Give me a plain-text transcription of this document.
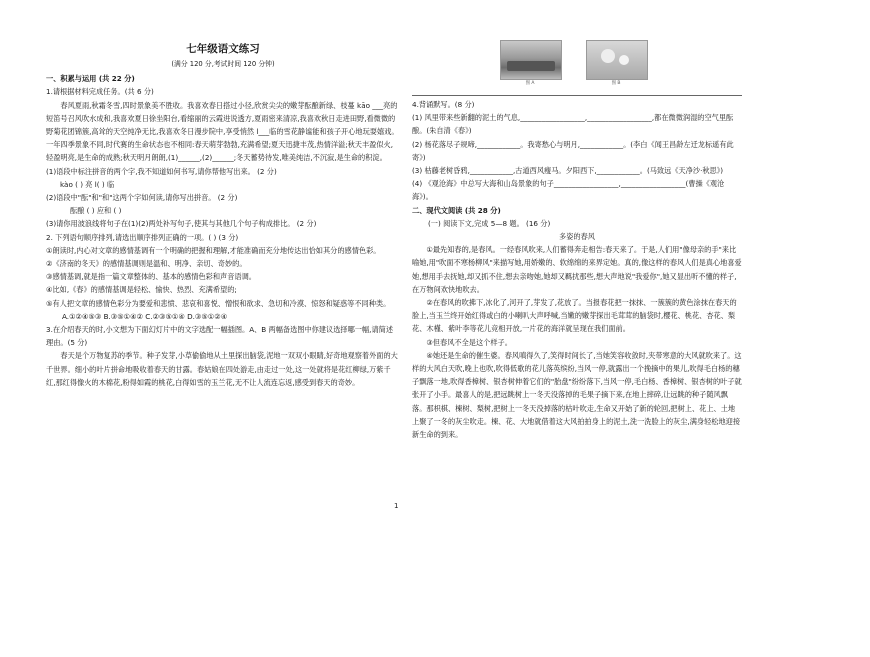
七年级语文练习

(满分 120 分,考试时间 120 分钟)

一、积累与运用 (共 22 分)

1.请根据材料完成任务。(共 6 分)

春风夏雨,秋霜冬雪,四时景象美不胜收。我喜欢春日搭过小径,欣赏尖尖的嫩芽酝酿新绿、枝蔓 kāo ___亮的短笛号召风吹水成和,我喜欢夏日徐坐阳台,看缩丽的云霞进说透方,夏雨密来清凉,我喜欢秋日走进田野,看微微的野菊花团锦簇,高耸的天空纯净无比,我喜欢冬日漫步院中,享受悄然 l___临的雪花静谧能和孩子开心地玩耍嬉戏。一年四季景象不同,时代赛的生命状态也不相同:春天萌芽勃勃,充满希望;夏天迅捷丰茂,热情洋溢;秋天丰盈似火,轻盈明亮,是生命的成熟;秋天明月朗朗,(1)______,(2)______;冬天蓄势待发,唯美纯洁,不沉寂,是生命的积淀。

(1)语段中标注拼音的两个字,我不知道如何书写,请你帮他写出来。 (2 分)

kào ( ) 亮 l( ) 临

(2)语段中"酝"和"和"这两个字如何读,请你写出拼音。 (2 分)

酝酿 ( ) 应和 ( )

(3)请你用波浪线将句子在(1)(2)两处补写句子,使其与其他几个句子构成排比。 (2 分)

2. 下列语句顺序排列,请选出顺序排列正确的一项。( ) (3 分)

①朗读时,内心对文章的感情基调有一个明确的把握和理解,才能准确而充分地传达出恰如其分的感情色彩。

②《济南的冬天》的感情基调则是温和、明净、亲切、奇妙的。

③感情基调,就是指一篇文章整体的、基本的感情色彩和声音语调。

④比如,《春》的感情基调是轻松、愉快、热烈、充满希望的;

⑤有人把文章的感情色彩分为要爱和悲愤、悲哀和喜悦、憎恨和欲求、急切和冷漠、惊怒和疑惑等不同种类。

A.①②④⑤③ B.③⑤①④② C.②③⑤①④ D.③⑤①②④

3.在介绍春天的时,小文想为下面幻灯片中的文字选配一幅插图。A、B 两幅备选图中你建议选择哪一幅,请简述理由。(5 分)

春天是个万物复苏的季节。种子发芽,小草偷偷地从土里探出脑袋,泥地一双双小眼睛,好奇地观察着外面的大千世界。细小的叶片拼命地吸收着春天的甘露。春姑娘在四处游走,由走过一处,这一处就将是花红柳绿,万紫千红,那红得像火的木棉花,粉得如霞的桃花,白得如雪的玉兰花,无不让人流连忘返,感受到春天的奇妙。

图 A	图 B

4.背诵默写。(8 分)

(1) 风里带来些新翻的泥土的气息,__________________,__________________,都在微微润湿的空气里酝酿。(朱自清《春》)

(2) 杨花落尽子规啼,____________。我寄愁心与明月,____________。(李白《闻王昌龄左迁龙标遥有此寄》)

(3) 枯藤老树昏鸦,____________,古道西风瘦马。夕阳西下,____________。(马致远《天净沙·秋思》)

(4) 《观沧海》中总写大海和山岛景象的句子__________________,__________________(曹操《观沧海》)。

二、现代文阅读 (共 28 分)

(一) 阅读下文,完成 5—8 题。 (16 分)

多姿的春风

①最先知春的,是春风。一经春风吹来,人们蓄得奔走相告:春天来了。于是,人们用"像母亲的手"来比喻她,用"吹面不寒杨柳风"来描写她,用娇嫩的、软绵绵的来界定她。真的,像这样的春风人们是真心地喜爱她,想用手去抚她,却又抓不住,想去亲吻她,她却又羁扰那些,想大声地说"我爱你",她又显出听不懂的样子,在万物间欢快地吹去。

②在春风的吹拂下,冰化了,河开了,芽发了,花放了。当报春花把一抹抹、一簇簇的黄色涂抹在春天的脸上,当玉兰终开始红得或白的小喇叭大声呼喊,当嫩的嫩芽探出毛茸茸的脑袋时,樱花、桃花、杏花、梨花、木槿、紫叶李等花儿竞相开放,一片花的海洋就呈现在我们面前。

③但春风不全是这个样子。

④她还是生命的催生婆。春风嗔得久了,笑得时间长了,当她笑容收敛时,夹带寒意的大风就吹来了。这样的大风白天吹,晚上也吹,吹得低歌的花儿落英缤纷,当风一停,就露出一个挽摘中的果儿,吹得毛白杨的穗子飘落一地,吹得香樟树、银杏树伸着它们的"胎盘"纷纷落下,当风一停,毛白杨、香樟树、银杏树的叶子就张开了小手。最喜人的是,把远眺树上一冬天没落掉的毛果子摘下来,在地上摔碎,让远眺的种子随风飘落。那枳棋、楝树、梨树,把树上一冬天没掉落的枯叶吹走,生命又开始了新的轮回,把树上、花上、土地上聚了一冬的灰尘吹走。楝、花、大地就借着这大风拍拍身上的泥土,洗一洗脸上的灰尘,满身轻松地迎接新生命的到来。

1
